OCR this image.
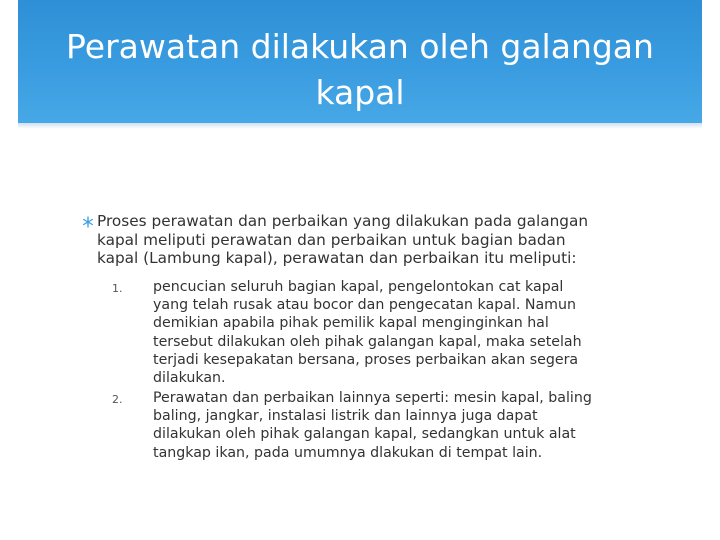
Perawatan dilakukan oleh galangan
kapal
Proses perawatan dan perbaikan yang dilakukan pada galangan
kapal meliputi perawatan dan perbaikan untuk bagian badan
kapal (Lambung kapal), perawatan dan perbaikan itu meliputi:
1. pencucian seluruh bagian kapal, pengelontokan cat kapal
yang telah rusak atau bocor dan pengecatan kapal. Namun
demikian apabila pihak pemilik kapal menginginkan hal
tersebut dilakukan oleh pihak galangan kapal, maka setelah
terjadi kesepakatan bersana, proses perbaikan akan segera
dilakukan.
2. Perawatan dan perbaikan lainnya seperti: mesin kapal, baling
baling, jangkar, instalasi listrik dan lainnya juga dapat
dilakukan oleh pihak galangan kapal, sedangkan untuk alat
tangkap ikan, pada umumnya dlakukan di tempat lain.
